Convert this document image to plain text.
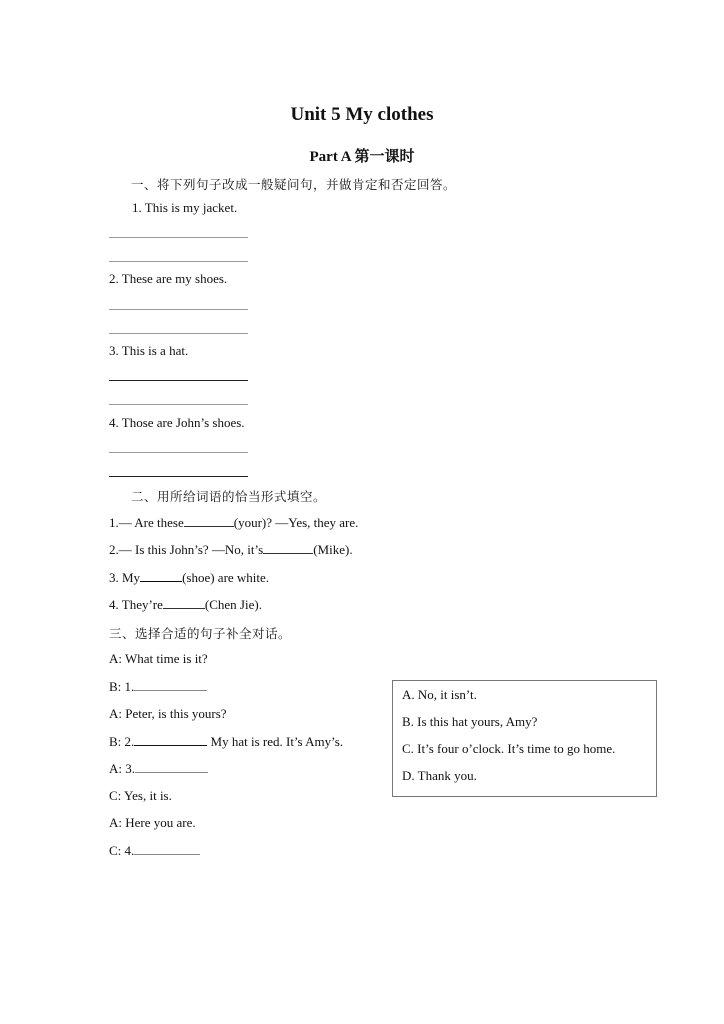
Unit 5 My clothes
Part A 第一课时
一、将下列句子改成一般疑问句，并做肯定和否定回答。
1. This is my jacket.
2. These are my shoes.
3. This is a hat.
4. Those are John’s shoes.
二、用所给词语的恰当形式填空。
1.— Are these	(your)? —Yes, they are.
2.— Is this John’s? —No, it’s	(Mike).
3. My	(shoe) are white.
4. They’re	(Chen Jie).
三、选择合适的句子补全对话。
A: What time is it?
B: 1.
A: Peter, is this yours?
B: 2.	My hat is red. It’s Amy’s.
A: 3.
C: Yes, it is.
A: Here you are.
C: 4.
A. No, it isn’t.
B. Is this hat yours, Amy?
C. It’s four o’clock. It’s time to go home.
D. Thank you.
